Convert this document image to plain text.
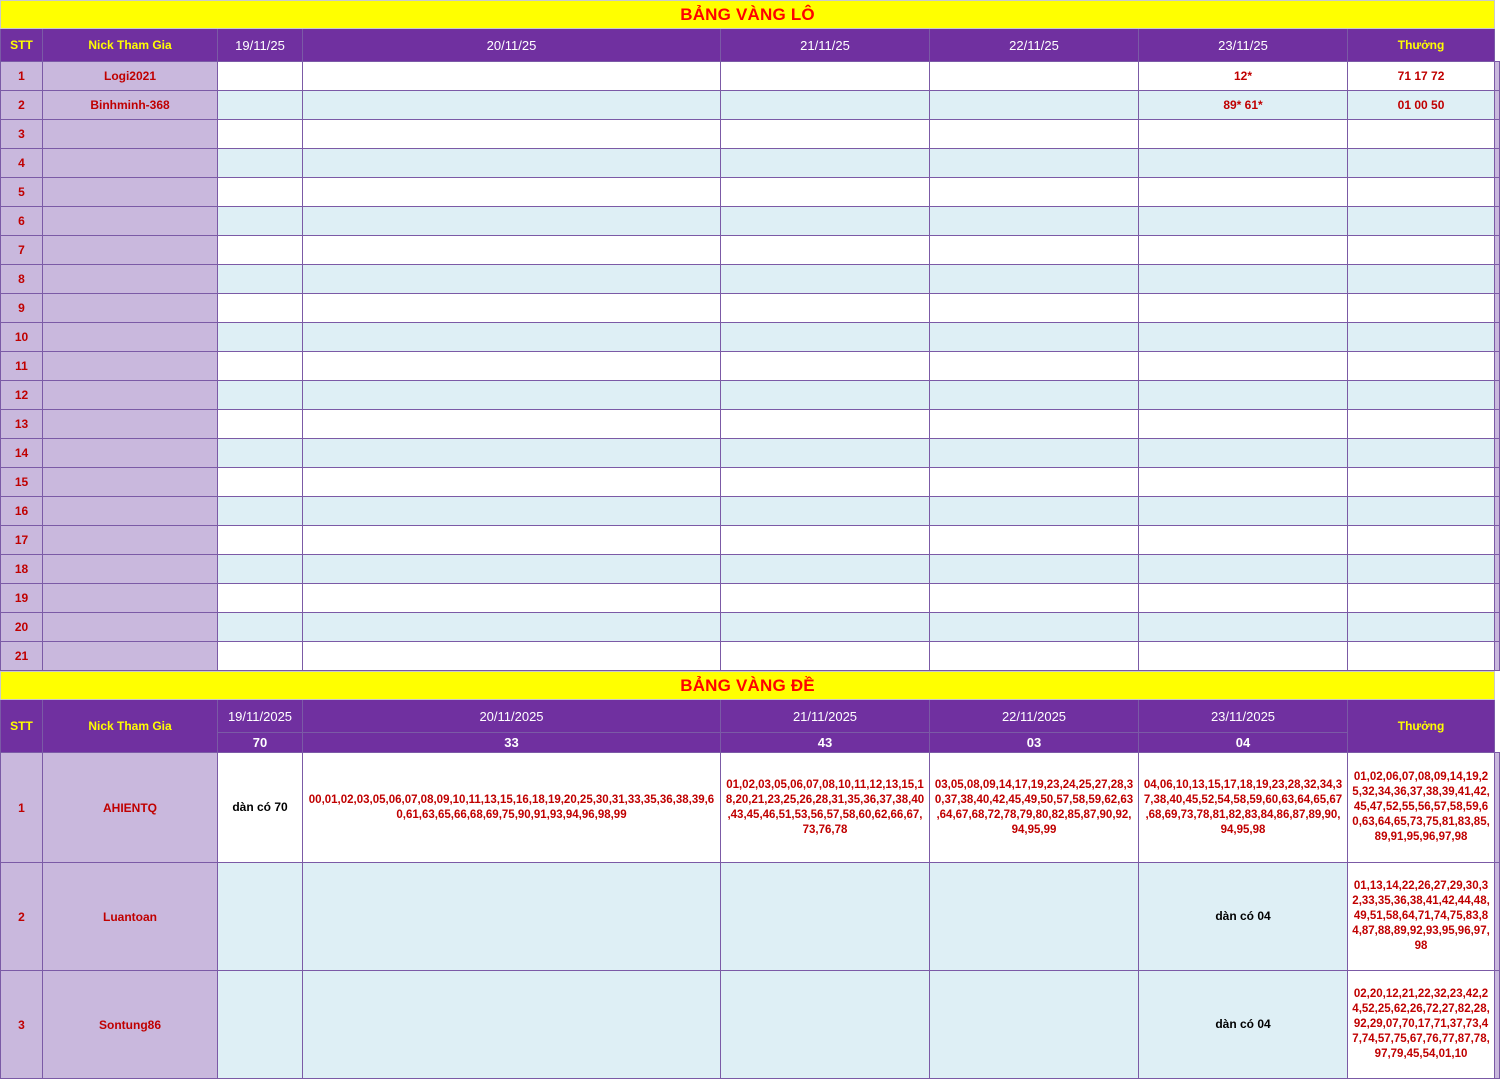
BẢNG VÀNG LÔ								
STT	Nick Tham Gia	19/11/25	20/11/25	21/11/25	22/11/25	23/11/25	Thưởng	
1	Logi2021					12*	71 17 72	
2	Binhminh-368					89* 61*	01 00 50	
3								
4								
5								
6								
7								
8								
9								
10								
11								
12								
13								
14								
15								
16								
17								
18								
19								
20								
21								
BẢNG VÀNG ĐỀ								
STT	Nick Tham Gia	19/11/2025	20/11/2025	21/11/2025	22/11/2025	23/11/2025	Thưởng	
		70	33	43	03	04		
1	AHIENTQ	dàn có 70	00,01,02,03,05,06,07,08,09,10,11,13,15,16,18,19,20,25,30,31,33,35,36,38,39,60,61,63,65,66,68,69,75,90,91,93,94,96,98,99	01,02,03,05,06,07,08,10,11,12,13,15,18,20,21,23,25,26,28,31,35,36,37,38,40,43,45,46,51,53,56,57,58,60,62,66,67,73,76,78	03,05,08,09,14,17,19,23,24,25,27,28,30,37,38,40,42,45,49,50,57,58,59,62,63,64,67,68,72,78,79,80,82,85,87,90,92,94,95,99	04,06,10,13,15,17,18,19,23,28,32,34,37,38,40,45,52,54,58,59,60,63,64,65,67,68,69,73,78,81,82,83,84,86,87,89,90,94,95,98	01,02,06,07,08,09,14,19,25,32,34,36,37,38,39,41,42,45,47,52,55,56,57,58,59,60,63,64,65,73,75,81,83,85,89,91,95,96,97,98	
2	Luantoan					dàn có 04	01,13,14,22,26,27,29,30,32,33,35,36,38,41,42,44,48,49,51,58,64,71,74,75,83,84,87,88,89,92,93,95,96,97,98	
3	Sontung86					dàn có 04	02,20,12,21,22,32,23,42,24,52,25,62,26,72,27,82,28,92,29,07,70,17,71,37,73,47,74,57,75,67,76,77,87,78,97,79,45,54,01,10	
